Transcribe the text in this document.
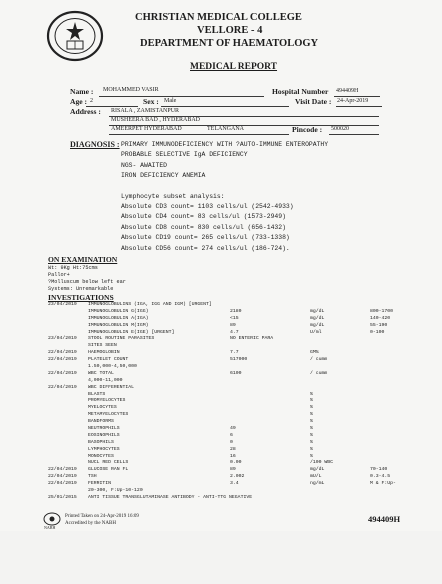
CHRISTIAN MEDICAL COLLEGE
VELLORE - 4
DEPARTMENT OF HAEMATOLOGY
MEDICAL REPORT
Name : MOHAMMED VASIR	Hospital Number 494409H
Age : 2	Sex : Male	Visit Date : 24-Apr-2019
Address : RISALA , ZAMISTANPUR
MUSHEERA BAD , HYDERABAD
AMEERPET HYDERABAD	TELANGANA	Pincode : 500020
DIAGNOSIS : PRIMARY IMMUNODEFICIENCY WITH ?AUTO-IMMUNE ENTEROPATHY
PROBABLE SELECTIVE IgA DEFICIENCY
NGS- AWAITED
IRON DEFICIENCY ANEMIA
Lymphocyte subset analysis:
Absolute CD3 count= 1103 cells/ul (2542-4933)
Absolute CD4 count= 83 cells/ul (1573-2949)
Absolute CD8 count= 830 cells/ul (656-1432)
Absolute CD19 count= 265 cells/ul (733-1338)
Absolute CD56 count= 274 cells/ul (186-724).
ON EXAMINATION
Wt: 9Kg Ht:75cms
Pallor+
?Molluscum below left ear
Systems: Unremarkable
INVESTIGATIONS
23/04/2019 IMMUNOGLOBULINS (IGA, IGG AND IGM) [URGENT]
IMMUNOGLOBULIN G(IGG)	2180	mg/dL	800-1700
IMMUNOGLOBULIN A(IGA)	<15	mg/dL	140-420
IMMUNOGLOBULIN M(IGM)	89	mg/dL	55-190
IMMUNOGLOBULIN E(IGE) [URGENT]	4.7	U/ml	0-100
23/04/2019 STOOL ROUTINE PARASITES	NO ENTERIC PARA
SITES SEEN
22/04/2019 HAEMOGLOBIN	7.7	GM%
22/04/2019 PLATELET COUNT	517000	/ cumm
1.50,000-4,50,000
22/04/2019 WBC TOTAL	6100	/ cumm
4,000-11,000
22/04/2019 WBC DIFFERENTIAL
BLASTS	%
PROMYELOCYTES	%
MYELOCYTES	%
METAMYELOCYTES	%
BANDFORMS	%
NEUTROPHILS	49	%
EOSINOPHILS	6	%
BASOPHILS	0	%
LYMPHOCYTES	28	%
MONOCYTES	16	%
NUCL RED CELLS	0.00	/100 WBC
22/04/2019 GLUCOSE RAN FL	89	mg/dL	70-140
22/04/2019 TSH	2.002	mU/L	0.3-4.5
22/04/2019 FERRITIN	3.4	ng/mL	M & F:Up-
20-300, F:Up-10-120
25/01/2015 ANTI TISSUE TRANSGLUTAMINASE ANTIBODY - ANTI-TTG NEGATIVE
NABH
Printed Taken on 24-Apr-2019 16:09
Accredited by the NABH	494409H
